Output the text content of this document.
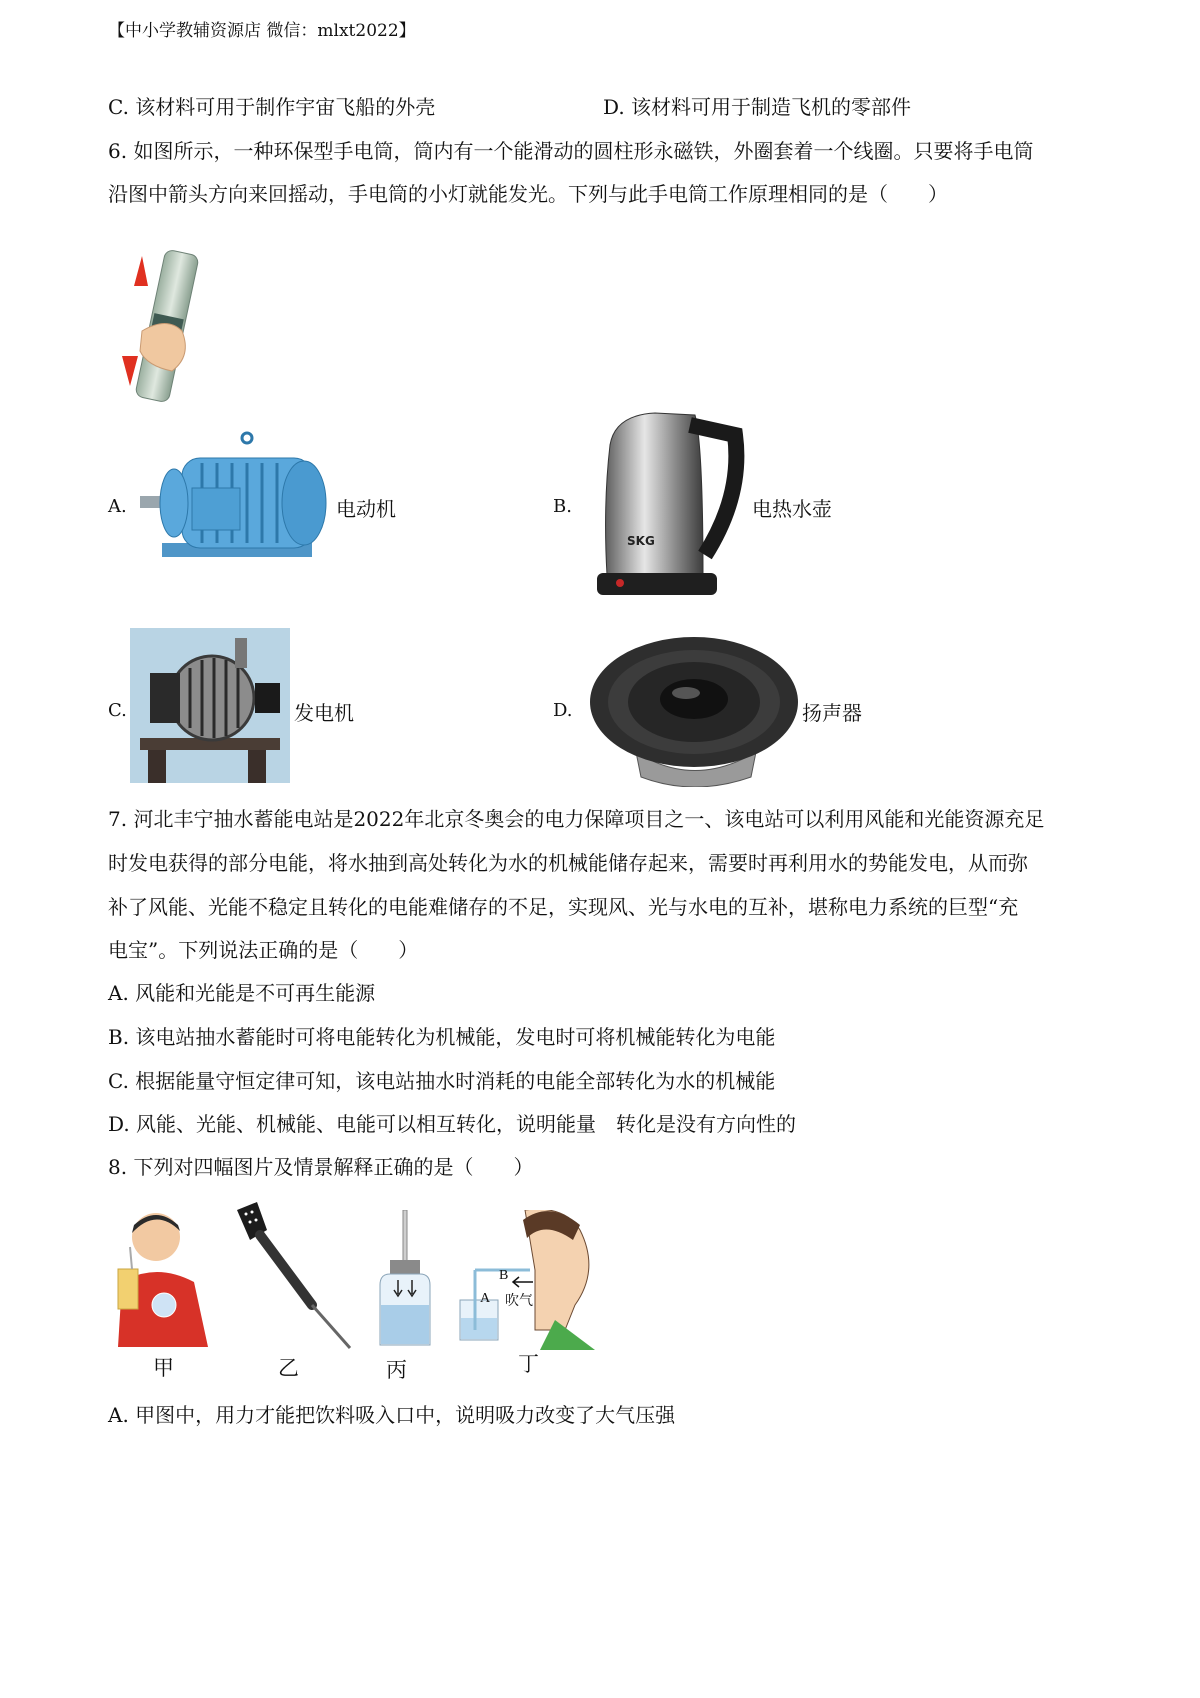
【中小学教辅资源店 微信：mlxt2022】
C. 该材料可用于制作宇宙飞船的外壳	D. 该材料可用于制造飞机的零部件
6. 如图所示，一种环保型手电筒，筒内有一个能滑动的圆柱形永磁铁，外圈套着一个线圈。只要将手电筒
沿图中箭头方向来回摇动，手电筒的小灯就能发光。下列与此手电筒工作原理相同的是（　　）
A.	电动机	B.
SKG
电热水壶
C.	发电机	D.	扬声器
7. 河北丰宁抽水蓄能电站是2022年北京冬奥会的电力保障项目之一、该电站可以利用风能和光能资源充足
时发电获得的部分电能，将水抽到高处转化为水的机械能储存起来，需要时再利用水的势能发电，从而弥
补了风能、光能不稳定且转化的电能难储存的不足，实现风、光与水电的互补，堪称电力系统的巨型“充
电宝”。下列说法正确的是（　　）
A. 风能和光能是不可再生能源
B. 该电站抽水蓄能时可将电能转化为机械能，发电时可将机械能转化为电能
C. 根据能量守恒定律可知，该电站抽水时消耗的电能全部转化为水的机械能
D. 风能、光能、机械能、电能可以相互转化，说明能量　转化是没有方向性的
8. 下列对四幅图片及情景解释正确的是（　　）
甲	乙	丙
B
A 吹气
丁
A. 甲图中，用力才能把饮料吸入口中，说明吸力改变了大气压强
